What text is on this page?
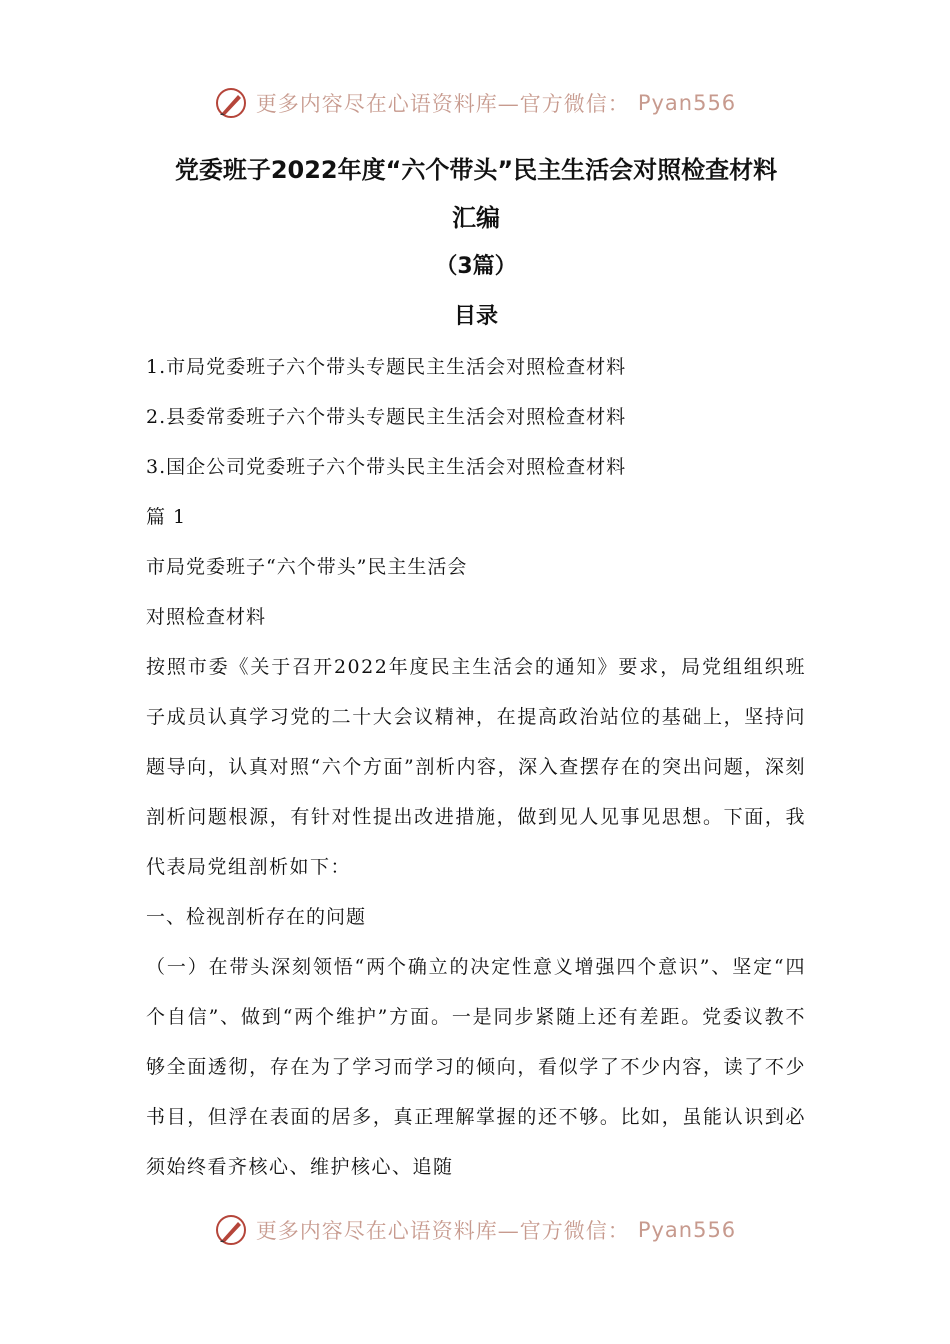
更多内容尽在心语资料库—官方微信： Pyan556

党委班子2022年度“六个带头”民主生活会对照检查材料

汇编

（3篇）

目录

1.市局党委班子六个带头专题民主生活会对照检查材料

2.县委常委班子六个带头专题民主生活会对照检查材料

3.国企公司党委班子六个带头民主生活会对照检查材料

篇 1

市局党委班子“六个带头”民主生活会

对照检查材料

按照市委《关于召开2022年度民主生活会的通知》要求，局党组组织班子成员认真学习党的二十大会议精神，在提高政治站位的基础上，坚持问题导向，认真对照“六个方面”剖析内容，深入查摆存在的突出问题，深刻剖析问题根源，有针对性提出改进措施，做到见人见事见思想。下面，我代表局党组剖析如下：

一、检视剖析存在的问题

（一）在带头深刻领悟“两个确立的决定性意义增强四个意识”、坚定“四个自信”、做到“两个维护”方面。一是同步紧随上还有差距。党委议教不够全面透彻，存在为了学习而学习的倾向，看似学了不少内容，读了不少书目，但浮在表面的居多，真正理解掌握的还不够。比如，虽能认识到必须始终看齐核心、维护核心、追随

更多内容尽在心语资料库—官方微信： Pyan556
